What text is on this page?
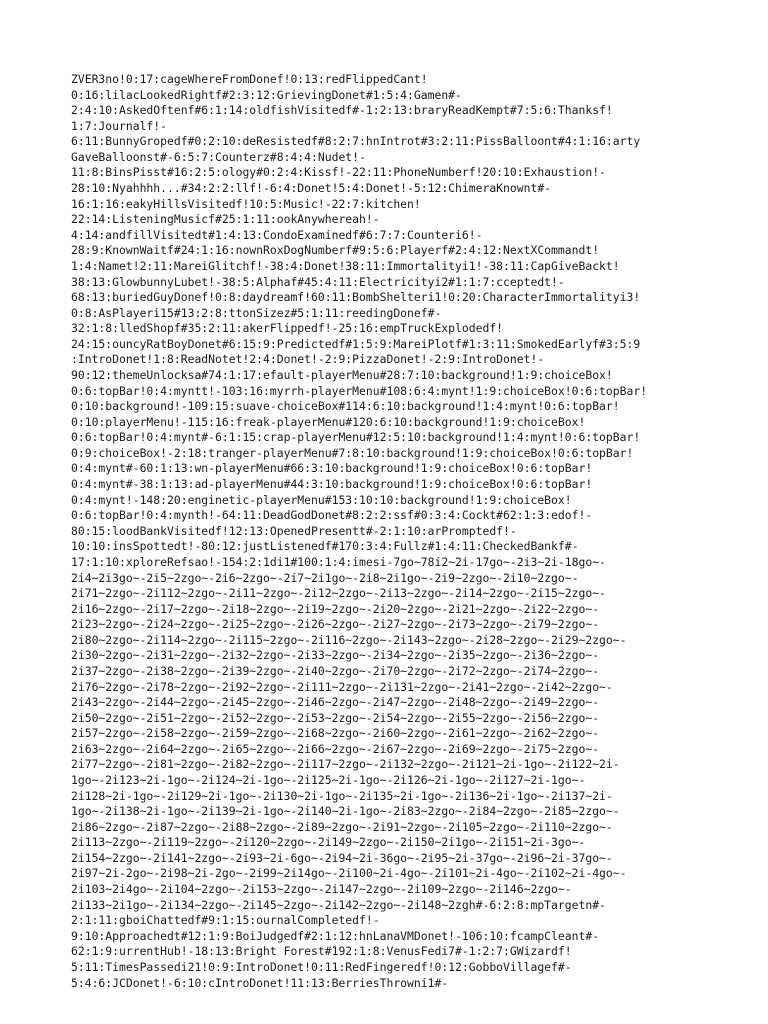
ZVER3no!0:17:cageWhereFromDonef!0:13:redFlippedCant!
0:16:lilacLookedRightf#2:3:12:GrievingDonet#1:5:4:Gamen#-
2:4:10:AskedOftenf#6:1:14:oldfishVisitedf#-1:2:13:braryReadKempt#7:5:6:Thanksf!
1:7:Journalf!-
6:11:BunnyGropedf#0:2:10:deResistedf#8:2:7:hnIntrot#3:2:11:PissBalloont#4:1:16:arty
GaveBalloonst#-6:5:7:Counterz#8:4:4:Nudet!-
11:8:BinsPisst#16:2:5:ology#0:2:4:Kissf!-22:11:PhoneNumberf!20:10:Exhaustion!-
28:10:Nyahhhh...#34:2:2:llf!-6:4:Donet!5:4:Donet!-5:12:ChimeraKnownt#-
16:1:16:eakyHillsVisitedf!10:5:Music!-22:7:kitchen!
22:14:ListeningMusicf#25:1:11:ookAnywhereah!-
4:14:andfillVisitedt#1:4:13:CondoExaminedf#6:7:7:Counteri6!-
28:9:KnownWaitf#24:1:16:nownRoxDogNumberf#9:5:6:Playerf#2:4:12:NextXCommandt!
1:4:Namet!2:11:MareiGlitchf!-38:4:Donet!38:11:Immortalityi1!-38:11:CapGiveBackt!
38:13:GlowbunnyLubet!-38:5:Alphaf#45:4:11:Electricityi2#1:1:7:cceptedt!-
68:13:buriedGuyDonef!0:8:daydreamf!60:11:BombShelteri1!0:20:CharacterImmortalityi3!
0:8:AsPlayeri15#13:2:8:ttonSizez#5:1:11:reedingDonef#-
32:1:8:lledShopf#35:2:11:akerFlippedf!-25:16:empTruckExplodedf!
24:15:ouncyRatBoyDonet#6:15:9:Predictedf#1:5:9:MareiPlotf#1:3:11:SmokedEarlyf#3:5:9
:IntroDonet!1:8:ReadNotet!2:4:Donet!-2:9:PizzaDonet!-2:9:IntroDonet!-
90:12:themeUnlocksa#74:1:17:efault-playerMenu#28:7:10:background!1:9:choiceBox!
0:6:topBar!0:4:myntt!-103:16:myrrh-playerMenu#108:6:4:mynt!1:9:choiceBox!0:6:topBar!
0:10:background!-109:15:suave-choiceBox#114:6:10:background!1:4:mynt!0:6:topBar!
0:10:playerMenu!-115:16:freak-playerMenu#120:6:10:background!1:9:choiceBox!
0:6:topBar!0:4:mynt#-6:1:15:crap-playerMenu#12:5:10:background!1:4:mynt!0:6:topBar!
0:9:choiceBox!-2:18:tranger-playerMenu#7:8:10:background!1:9:choiceBox!0:6:topBar!
0:4:mynt#-60:1:13:wn-playerMenu#66:3:10:background!1:9:choiceBox!0:6:topBar!
0:4:mynt#-38:1:13:ad-playerMenu#44:3:10:background!1:9:choiceBox!0:6:topBar!
0:4:mynt!-148:20:enginetic-playerMenu#153:10:10:background!1:9:choiceBox!
0:6:topBar!0:4:mynth!-64:11:DeadGodDonet#8:2:2:ssf#0:3:4:Cockt#62:1:3:edof!-
80:15:loodBankVisitedf!12:13:OpenedPresentt#-2:1:10:arPromptedf!-
10:10:insSpottedt!-80:12:justListenedf#170:3:4:Fullz#1:4:11:CheckedBankf#-
17:1:10:xploreRefsao!-154:2:1di1#100:1:4:imesi-7go~78i2~2i-17go~-2i3~2i-18go~-
2i4~2i3go~-2i5~2zgo~-2i6~2zgo~-2i7~2i1go~-2i8~2i1go~-2i9~2zgo~-2i10~2zgo~-
2i71~2zgo~-2i112~2zgo~-2i11~2zgo~-2i12~2zgo~-2i13~2zgo~-2i14~2zgo~-2i15~2zgo~-
2i16~2zgo~-2i17~2zgo~-2i18~2zgo~-2i19~2zgo~-2i20~2zgo~-2i21~2zgo~-2i22~2zgo~-
2i23~2zgo~-2i24~2zgo~-2i25~2zgo~-2i26~2zgo~-2i27~2zgo~-2i73~2zgo~-2i79~2zgo~-
2i80~2zgo~-2i114~2zgo~-2i115~2zgo~-2i116~2zgo~-2i143~2zgo~-2i28~2zgo~-2i29~2zgo~-
2i30~2zgo~-2i31~2zgo~-2i32~2zgo~-2i33~2zgo~-2i34~2zgo~-2i35~2zgo~-2i36~2zgo~-
2i37~2zgo~-2i38~2zgo~-2i39~2zgo~-2i40~2zgo~-2i70~2zgo~-2i72~2zgo~-2i74~2zgo~-
2i76~2zgo~-2i78~2zgo~-2i92~2zgo~-2i111~2zgo~-2i131~2zgo~-2i41~2zgo~-2i42~2zgo~-
2i43~2zgo~-2i44~2zgo~-2i45~2zgo~-2i46~2zgo~-2i47~2zgo~-2i48~2zgo~-2i49~2zgo~-
2i50~2zgo~-2i51~2zgo~-2i52~2zgo~-2i53~2zgo~-2i54~2zgo~-2i55~2zgo~-2i56~2zgo~-
2i57~2zgo~-2i58~2zgo~-2i59~2zgo~-2i68~2zgo~-2i60~2zgo~-2i61~2zgo~-2i62~2zgo~-
2i63~2zgo~-2i64~2zgo~-2i65~2zgo~-2i66~2zgo~-2i67~2zgo~-2i69~2zgo~-2i75~2zgo~-
2i77~2zgo~-2i81~2zgo~-2i82~2zgo~-2i117~2zgo~-2i132~2zgo~-2i121~2i-1go~-2i122~2i-
1go~-2i123~2i-1go~-2i124~2i-1go~-2i125~2i-1go~-2i126~2i-1go~-2i127~2i-1go~-
2i128~2i-1go~-2i129~2i-1go~-2i130~2i-1go~-2i135~2i-1go~-2i136~2i-1go~-2i137~2i-
1go~-2i138~2i-1go~-2i139~2i-1go~-2i140~2i-1go~-2i83~2zgo~-2i84~2zgo~-2i85~2zgo~-
2i86~2zgo~-2i87~2zgo~-2i88~2zgo~-2i89~2zgo~-2i91~2zgo~-2i105~2zgo~-2i110~2zgo~-
2i113~2zgo~-2i119~2zgo~-2i120~2zgo~-2i149~2zgo~-2i150~2i1go~-2i151~2i-3go~-
2i154~2zgo~-2i141~2zgo~-2i93~2i-6go~-2i94~2i-36go~-2i95~2i-37go~-2i96~2i-37go~-
2i97~2i-2go~-2i98~2i-2go~-2i99~2i14go~-2i100~2i-4go~-2i101~2i-4go~-2i102~2i-4go~-
2i103~2i4go~-2i104~2zgo~-2i153~2zgo~-2i147~2zgo~-2i109~2zgo~-2i146~2zgo~-
2i133~2i1go~-2i134~2zgo~-2i145~2zgo~-2i142~2zgo~-2i148~2zgh#-6:2:8:mpTargetn#-
2:1:11:gboiChattedf#9:1:15:ournalCompletedf!-
9:10:Approachedt#12:1:9:BoiJudgedf#2:1:12:hnLanaVMDonet!-106:10:fcampCleant#-
62:1:9:urrentHub!-18:13:Bright Forest#192:1:8:VenusFedi7#-1:2:7:GWizardf!
5:11:TimesPassedi21!0:9:IntroDonet!0:11:RedFingeredf!0:12:GobboVillagef#-
5:4:6:JCDonet!-6:10:cIntroDonet!11:13:BerriesThrowni1#-
